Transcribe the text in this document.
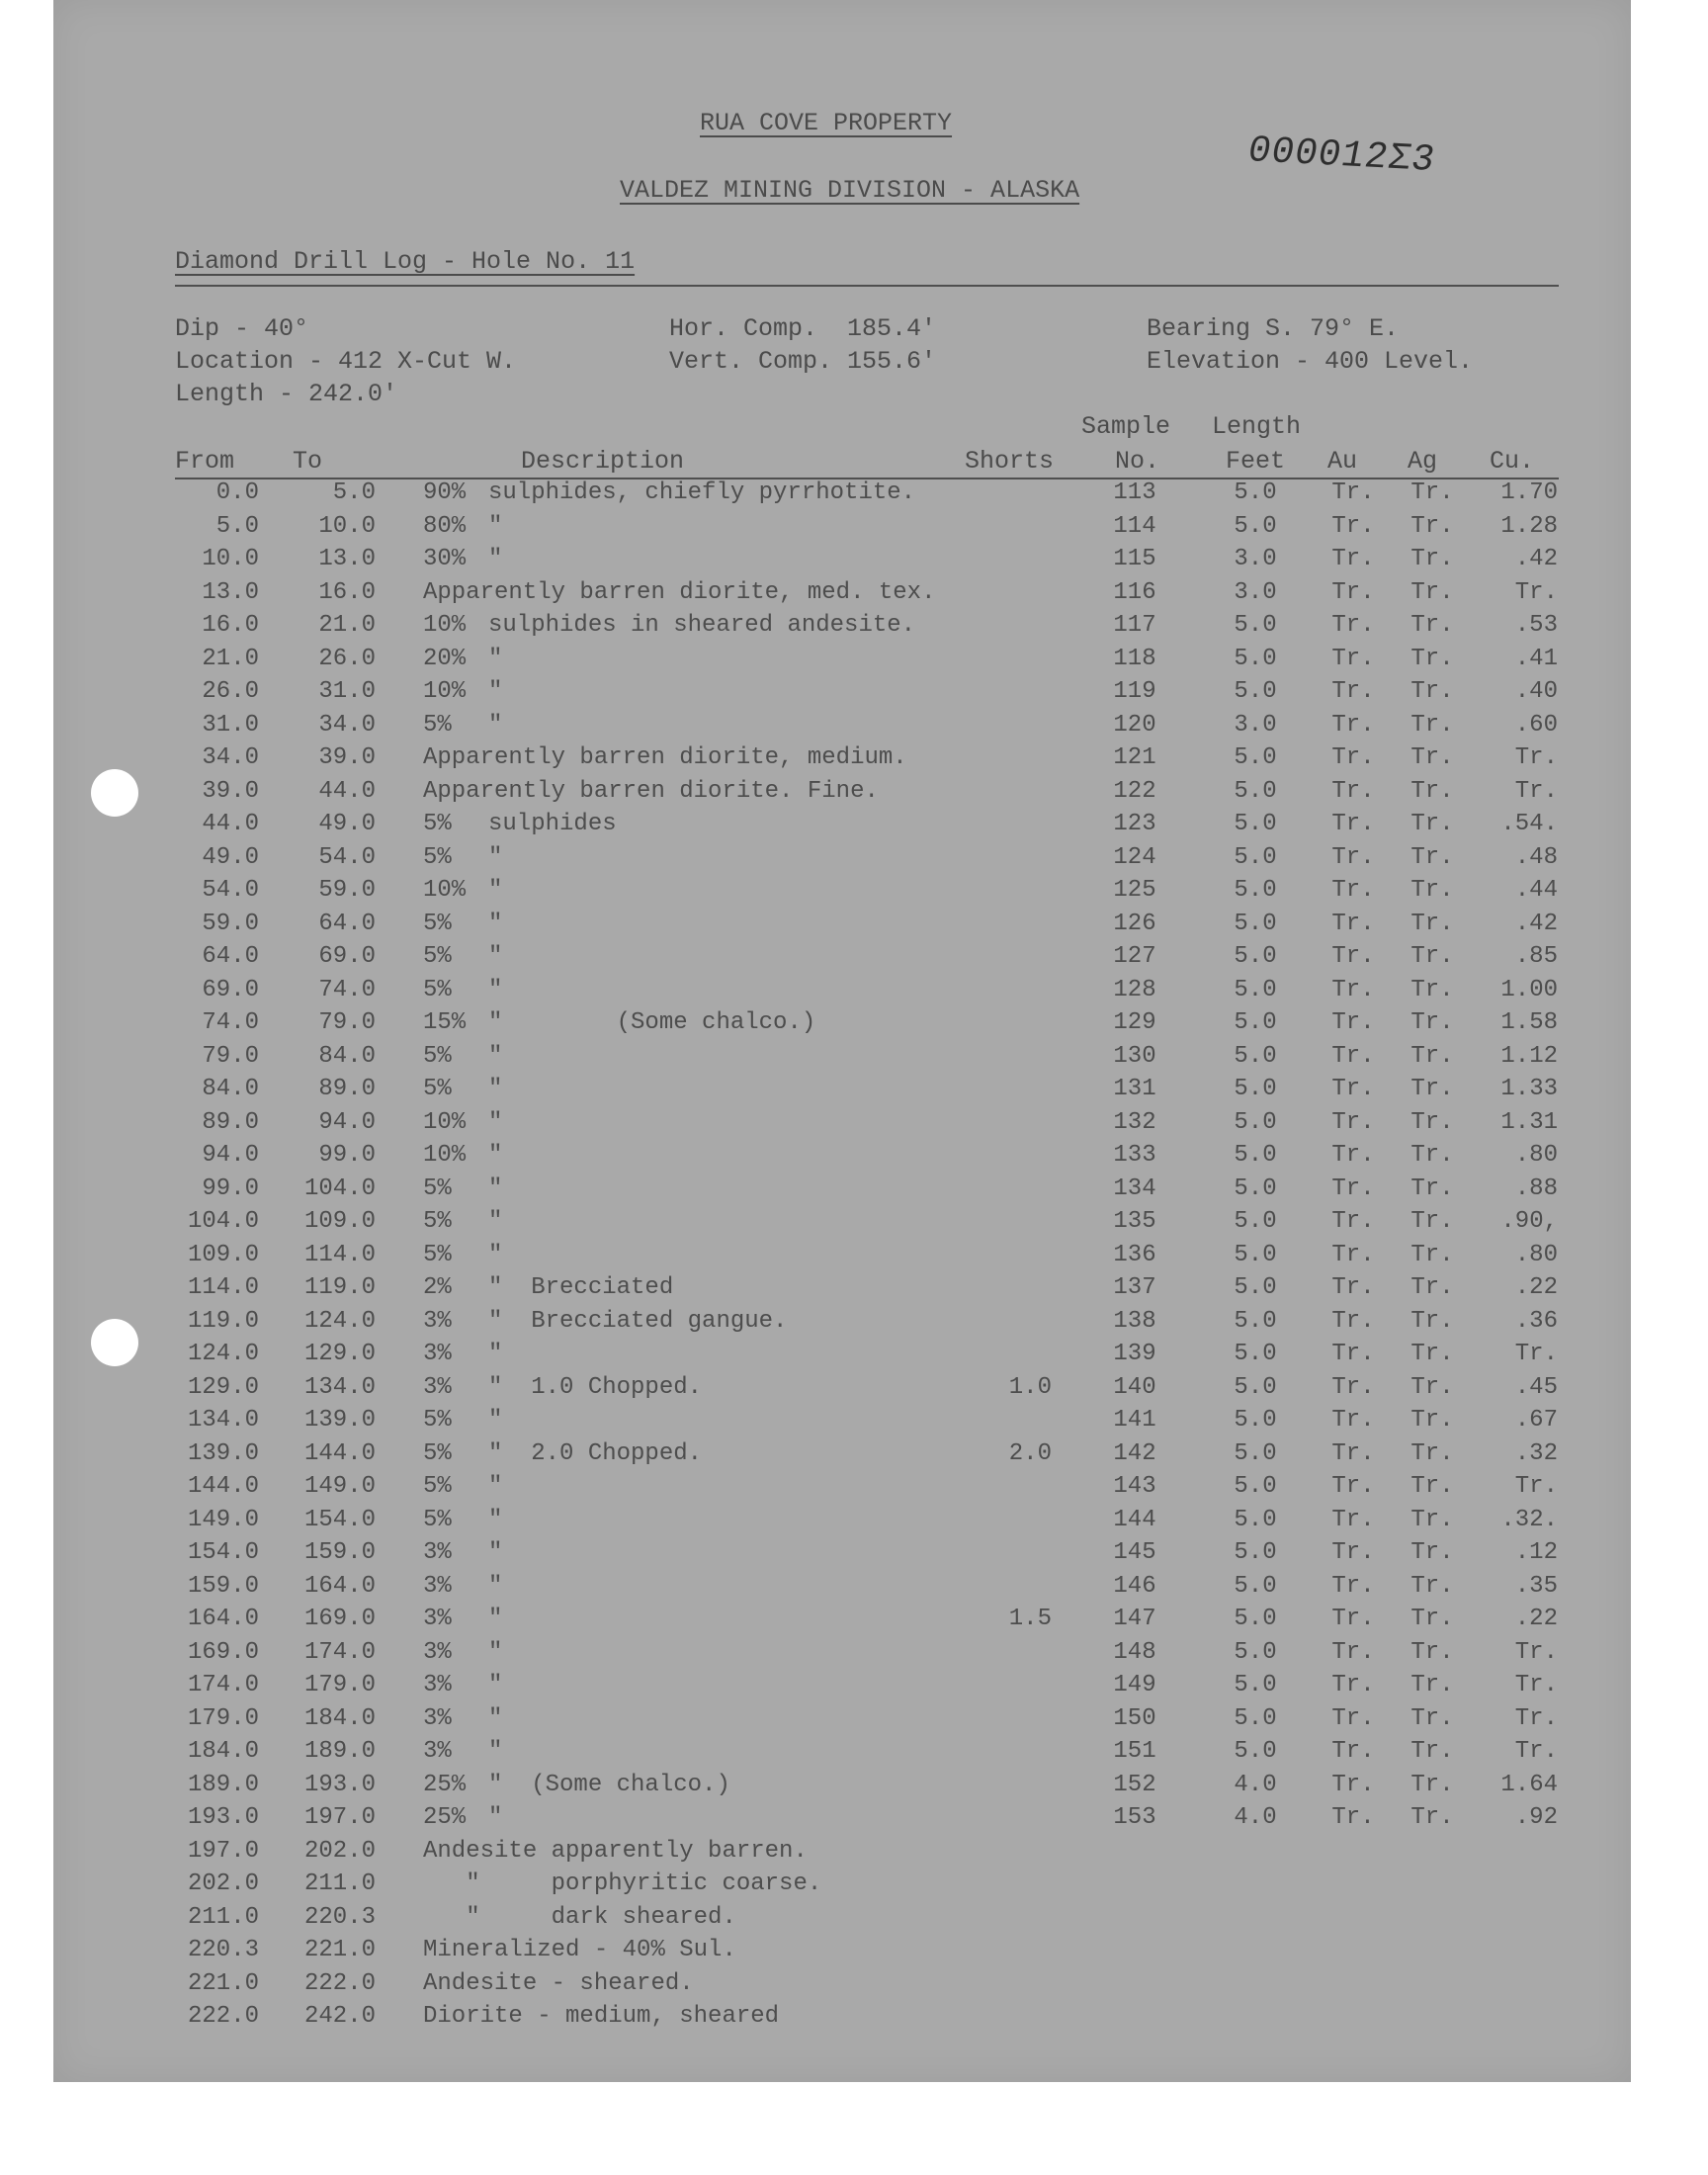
RUA COVE PROPERTY
VALDEZ MINING DIVISION - ALASKA
000012Σ3
Diamond Drill Log - Hole No. 11
Dip - 40°
Location - 412 X-Cut W.
Length - 242.0'
Hor. Comp.  185.4'
Vert. Comp. 155.6'
Bearing S. 79° E.
Elevation - 400 Level.
Sample Length
From To	Description	Shorts No.	Feet Au Ag Cu.
0.0	5.0 90% sulphides, chiefly pyrrhotite.	113	5.0	Tr.	Tr.	1.70
5.0	10.0 80% "	114	5.0	Tr.	Tr.	1.28
10.0	13.0 30% "	115	3.0	Tr.	Tr.	.42
13.0	16.0 Apparently barren diorite, med. tex.	116	3.0	Tr.	Tr.	Tr.
16.0	21.0 10% sulphides in sheared andesite.	117	5.0	Tr.	Tr.	.53
21.0	26.0 20% "	118	5.0	Tr.	Tr.	.41
26.0	31.0 10% "	119	5.0	Tr.	Tr.	.40
31.0	34.0 5%	"	120	3.0	Tr.	Tr.	.60
34.0	39.0 Apparently barren diorite, medium.	121	5.0	Tr.	Tr.	Tr.
39.0	44.0 Apparently barren diorite. Fine.	122	5.0	Tr.	Tr.	Tr.
44.0	49.0 5%	sulphides	123	5.0	Tr.	Tr.	.54.
49.0	54.0 5%	"	124	5.0	Tr.	Tr.	.48
54.0	59.0 10% "	125	5.0	Tr.	Tr.	.44
59.0	64.0 5%	"	126	5.0	Tr.	Tr.	.42
64.0	69.0 5%	"	127	5.0	Tr.	Tr.	.85
69.0	74.0 5%	"	128	5.0	Tr.	Tr.	1.00
74.0	79.0 15% "        (Some chalco.)	129	5.0	Tr.	Tr.	1.58
79.0	84.0 5%	"	130	5.0	Tr.	Tr.	1.12
84.0	89.0 5%	"	131	5.0	Tr.	Tr.	1.33
89.0	94.0 10% "	132	5.0	Tr.	Tr.	1.31
94.0	99.0 10% "	133	5.0	Tr.	Tr.	.80
99.0	104.0 5%	"	134	5.0	Tr.	Tr.	.88
104.0	109.0 5%	"	135	5.0	Tr.	Tr.	.90,
109.0	114.0 5%	"	136	5.0	Tr.	Tr.	.80
114.0	119.0 2%	"  Brecciated	137	5.0	Tr.	Tr.	.22
119.0	124.0 3%	"  Brecciated gangue.	138	5.0	Tr.	Tr.	.36
124.0	129.0 3%	"	139	5.0	Tr.	Tr.	Tr.
129.0	134.0 3%	"  1.0 Chopped.	1.0	140	5.0	Tr.	Tr.	.45
134.0	139.0 5%	"	141	5.0	Tr.	Tr.	.67
139.0	144.0 5%	"  2.0 Chopped.	2.0	142	5.0	Tr.	Tr.	.32
144.0	149.0 5%	"	143	5.0	Tr.	Tr.	Tr.
149.0	154.0 5%	"	144	5.0	Tr.	Tr.	.32.
154.0	159.0 3%	"	145	5.0	Tr.	Tr.	.12
159.0	164.0 3%	"	146	5.0	Tr.	Tr.	.35
164.0	169.0 3%	"	1.5	147	5.0	Tr.	Tr.	.22
169.0	174.0 3%	"	148	5.0	Tr.	Tr.	Tr.
174.0	179.0 3%	"	149	5.0	Tr.	Tr.	Tr.
179.0	184.0 3%	"	150	5.0	Tr.	Tr.	Tr.
184.0	189.0 3%	"	151	5.0	Tr.	Tr.	Tr.
189.0	193.0 25% "  (Some chalco.)	152	4.0	Tr.	Tr.	1.64
193.0	197.0 25% "	153	4.0	Tr.	Tr.	.92
197.0	202.0 Andesite apparently barren.
202.0	211.0 "     porphyritic coarse.
211.0	220.3 "     dark sheared.
220.3	221.0 Mineralized - 40% Sul.
221.0	222.0 Andesite - sheared.
222.0	242.0 Diorite - medium, sheared
